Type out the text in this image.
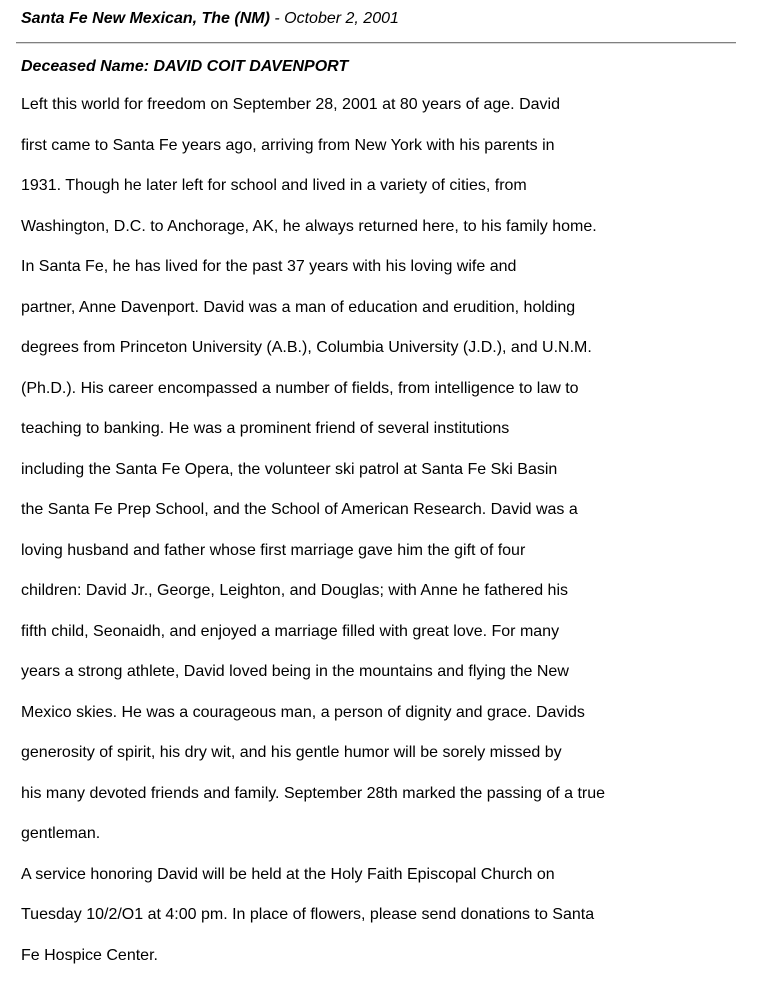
Santa Fe New Mexican, The (NM) - October 2, 2001
Deceased Name: DAVID COIT DAVENPORT
Left this world for freedom on September 28, 2001 at 80 years of age. David
first came to Santa Fe years ago, arriving from New York with his parents in
1931. Though he later left for school and lived in a variety of cities, from
Washington, D.C. to Anchorage, AK, he always returned here, to his family home.
In Santa Fe, he has lived for the past 37 years with his loving wife and
partner, Anne Davenport. David was a man of education and erudition, holding
degrees from Princeton University (A.B.), Columbia University (J.D.), and U.N.M.
(Ph.D.). His career encompassed a number of fields, from intelligence to law to
teaching to banking. He was a prominent friend of several institutions
including the Santa Fe Opera, the volunteer ski patrol at Santa Fe Ski Basin
the Santa Fe Prep School, and the School of American Research. David was a
loving husband and father whose first marriage gave him the gift of four
children: David Jr., George, Leighton, and Douglas; with Anne he fathered his
fifth child, Seonaidh, and enjoyed a marriage filled with great love. For many
years a strong athlete, David loved being in the mountains and flying the New
Mexico skies. He was a courageous man, a person of dignity and grace. Davids
generosity of spirit, his dry wit, and his gentle humor will be sorely missed by
his many devoted friends and family. September 28th marked the passing of a true
gentleman.
A service honoring David will be held at the Holy Faith Episcopal Church on
Tuesday 10/2/O1 at 4:00 pm. In place of flowers, please send donations to Santa
Fe Hospice Center.
